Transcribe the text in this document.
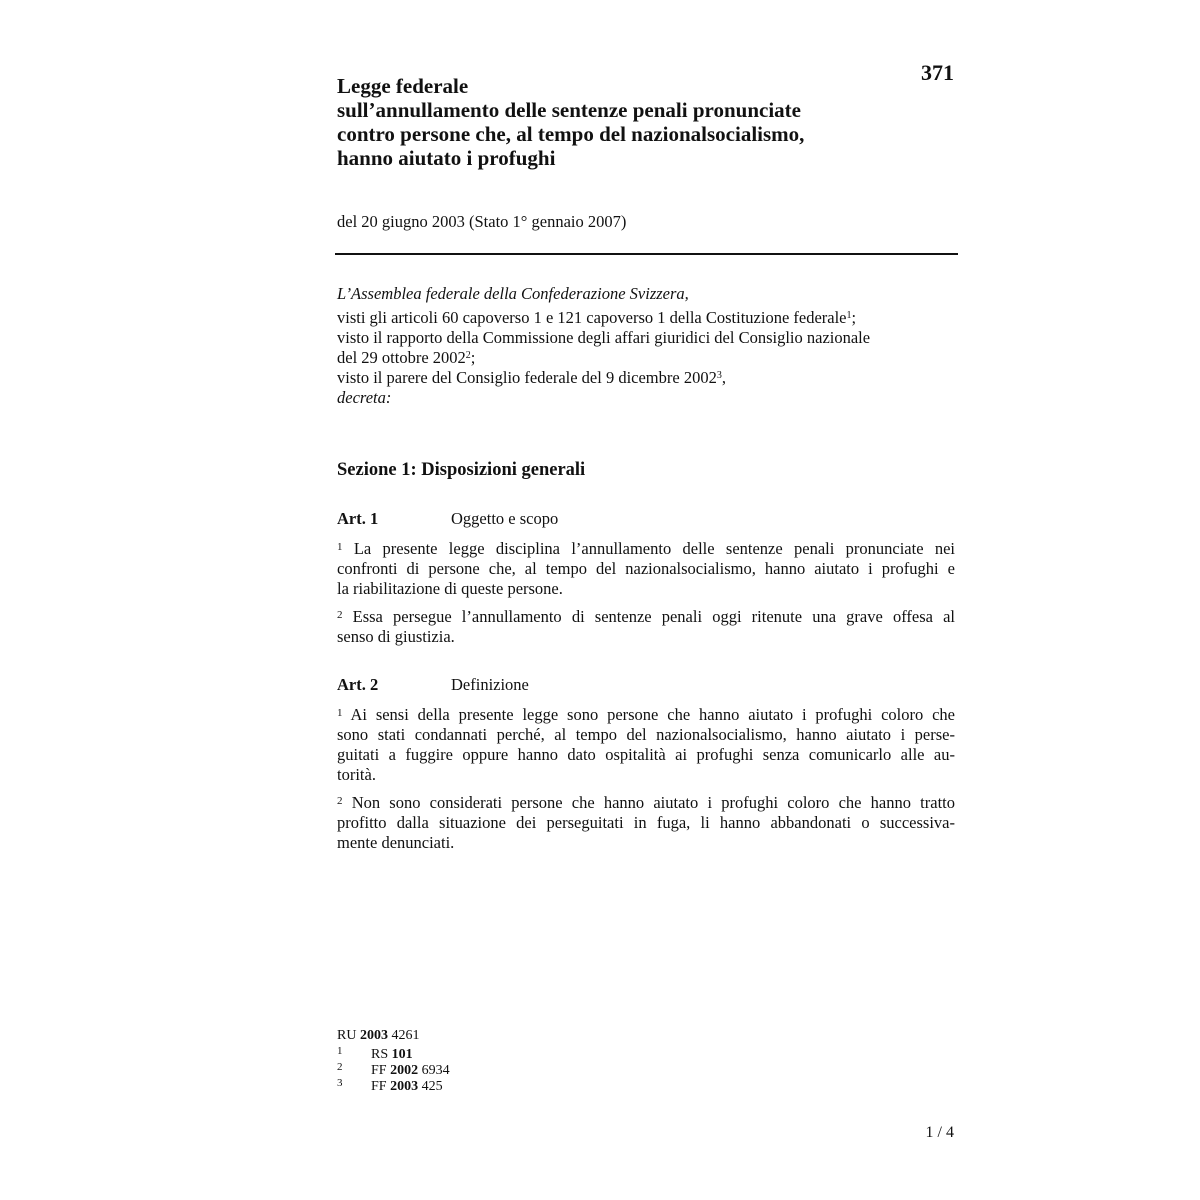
371
Legge federale
sull’annullamento delle sentenze penali pronunciate
contro persone che, al tempo del nazionalsocialismo,
hanno aiutato i profughi
del 20 giugno 2003 (Stato 1° gennaio 2007)
L’Assemblea federale della Confederazione Svizzera,
visti gli articoli 60 capoverso 1 e 121 capoverso 1 della Costituzione federale$^1$;
visto il rapporto della Commissione degli affari giuridici del Consiglio nazionale
del 29 ottobre 2002$^2$;
visto il parere del Consiglio federale del 9 dicembre 2002$^3$,
decreta:
Sezione 1: Disposizioni generali
Art. 1	Oggetto e scopo
$^1$ La presente legge disciplina l’annullamento delle sentenze penali pronunciate nei
confronti di persone che, al tempo del nazionalsocialismo, hanno aiutato i profughi e
la riabilitazione di queste persone.
$^2$ Essa persegue l’annullamento di sentenze penali oggi ritenute una grave offesa al
senso di giustizia.
Art. 2	Definizione
$^1$ Ai sensi della presente legge sono persone che hanno aiutato i profughi coloro che
sono stati condannati perché, al tempo del nazionalsocialismo, hanno aiutato i perse-
guitati a fuggire oppure hanno dato ospitalità ai profughi senza comunicarlo alle au-
torità.
$^2$ Non sono considerati persone che hanno aiutato i profughi coloro che hanno tratto
profitto dalla situazione dei perseguitati in fuga, li hanno abbandonati o successiva-
mente denunciati.
RU 2003 4261
1 RS 101
2 FF 2002 6934
3 FF 2003 425
1 / 4
